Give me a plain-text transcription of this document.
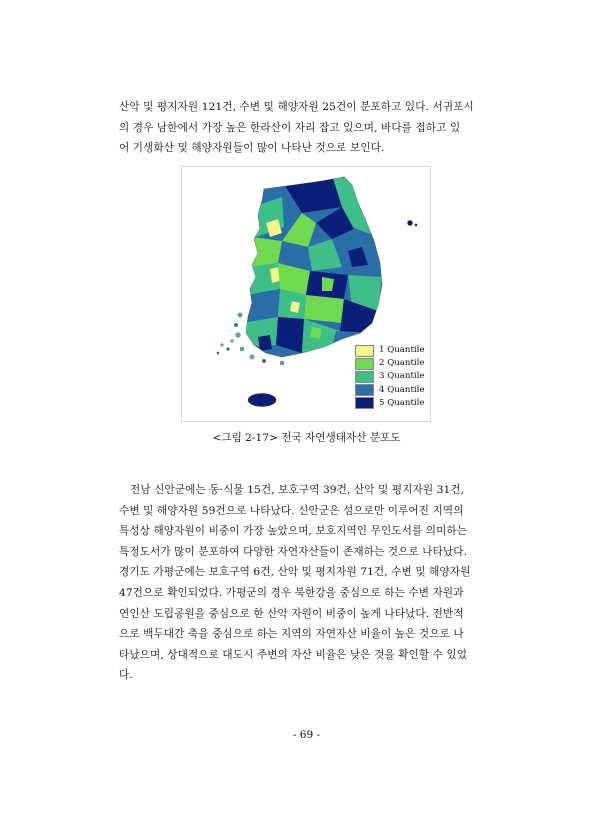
산악 및 평지자원 121건, 수변 및 해양자원 25건이 분포하고 있다. 서귀포시
의 경우 남한에서 가장 높은 한라산이 자리 잡고 있으며, 바다를 접하고 있
어 기생화산 및 해양자원들이 많이 나타난 것으로 보인다.
1 Quantile
2 Quantile
3 Quantile
4 Quantile
5 Quantile
<그림 2-17> 전국 자연생태자산 분포도
전남 신안군에는 동·식물 15건, 보호구역 39건, 산악 및 평지자원 31건,
수변 및 해양자원 59건으로 나타났다. 신안군은 섬으로만 이루어진 지역의
특성상 해양자원이 비중이 가장 높았으며, 보호지역인 무인도서를 의미하는
특정도서가 많이 분포하여 다양한 자연자산들이 존재하는 것으로 나타났다.
경기도 가평군에는 보호구역 6건, 산악 및 평지자원 71건, 수변 및 해양자원
47건으로 확인되었다. 가평군의 경우 북한강을 중심으로 하는 수변 자원과
연인산 도립공원을 중심으로 한 산악 자원이 비중이 높게 나타났다. 전반적
으로 백두대간 축을 중심으로 하는 지역의 자연자산 비율이 높은 것으로 나
타났으며, 상대적으로 대도시 주변의 자산 비율은 낮은 것을 확인할 수 있었
다.
- 69 -
